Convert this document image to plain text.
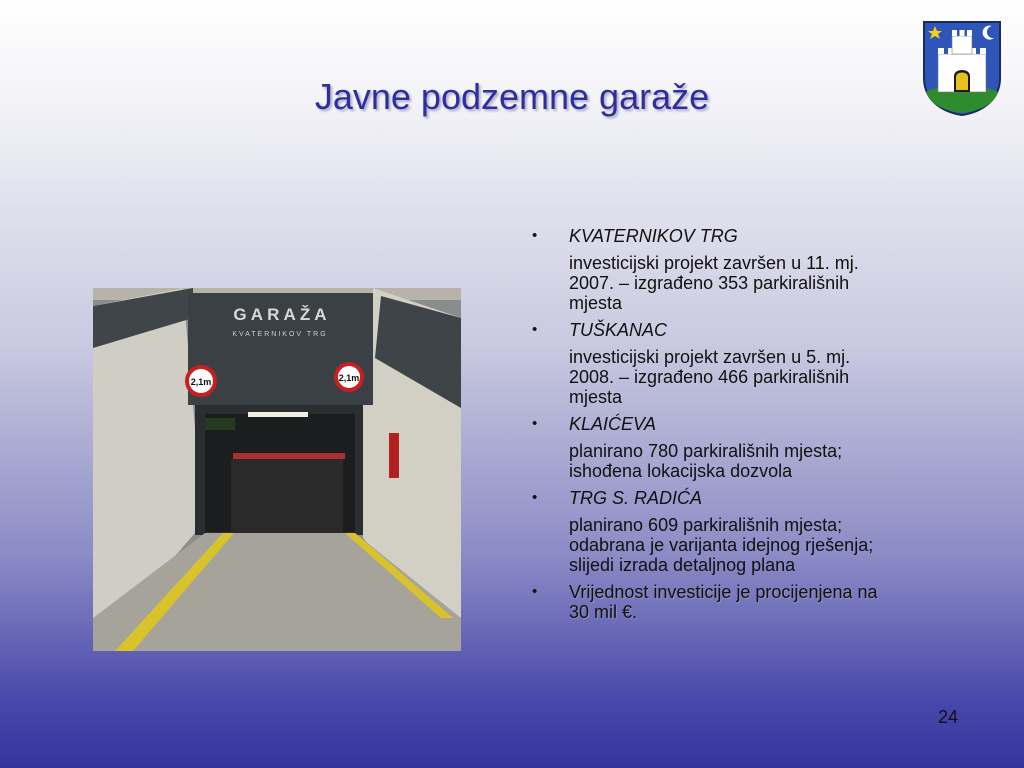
Javne podzemne garaže
G A R A Ž A
KVATERNIKOV TRG
2,1m	2,1m
• KVATERNIKOV TRG
investicijski projekt završen u 11. mj.
2007. – izgrađeno 353 parkirališnih
mjesta
• TUŠKANAC
investicijski projekt završen u 5. mj.
2008. – izgrađeno 466 parkirališnih
mjesta
• KLAIĆEVA
planirano 780 parkirališnih mjesta;
ishođena lokacijska dozvola
• TRG S. RADIĆA
planirano 609 parkirališnih mjesta;
odabrana je varijanta idejnog rješenja;
slijedi izrada detaljnog plana
• Vrijednost investicije je procijenjena na
30 mil €.
24
